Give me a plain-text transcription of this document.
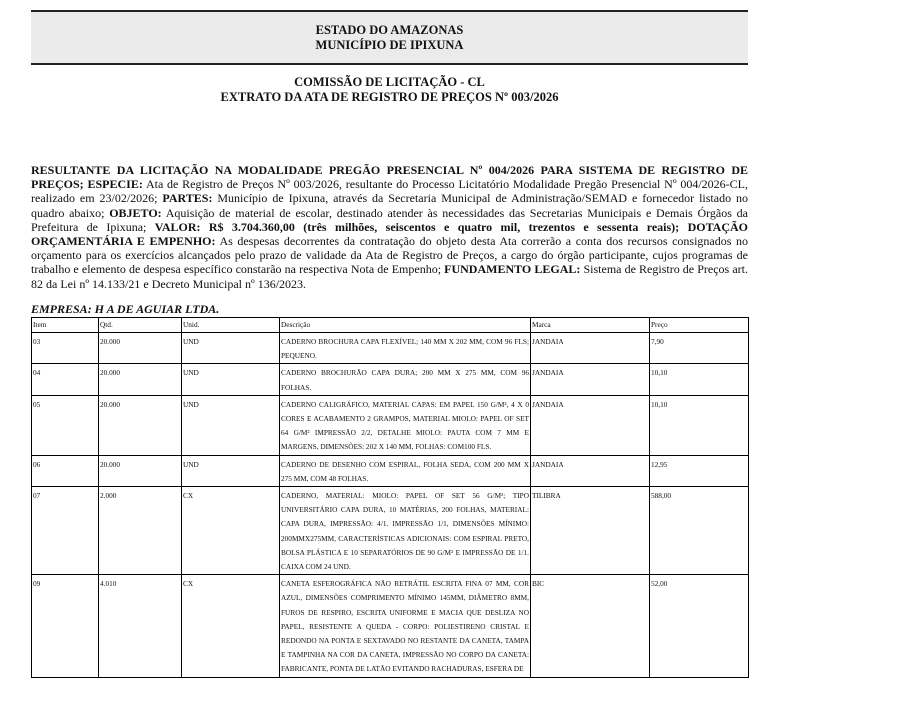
ESTADO DO AMAZONAS
MUNICÍPIO DE IPIXUNA
COMISSÃO DE LICITAÇÃO - CL
EXTRATO DA ATA DE REGISTRO DE PREÇOS Nº 003/2026
RESULTANTE DA LICITAÇÃO NA MODALIDADE PREGÃO PRESENCIAL Nº 004/2026 PARA SISTEMA DE REGISTRO DE PREÇOS; ESPECIE: Ata de Registro de Preços Nº 003/2026, resultante do Processo Licitatório Modalidade Pregão Presencial Nº 004/2026-CL, realizado em 23/02/2026; PARTES: Município de Ipixuna, através da Secretaria Municipal de Administração/SEMAD e fornecedor listado no quadro abaixo; OBJETO: Aquisição de material de escolar, destinado atender às necessidades das Secretarias Municipais e Demais Órgãos da Prefeitura de Ipixuna; VALOR: R$ 3.704.360,00 (três milhões, seiscentos e quatro mil, trezentos e sessenta reais); DOTAÇÃO ORÇAMENTÁRIA E EMPENHO: As despesas decorrentes da contratação do objeto desta Ata correrão a conta dos recursos consignados no orçamento para os exercícios alcançados pelo prazo de validade da Ata de Registro de Preços, a cargo do órgão participante, cujos programas de trabalho e elemento de despesa específico constarão na respectiva Nota de Empenho; FUNDAMENTO LEGAL: Sistema de Registro de Preços art. 82 da Lei nº 14.133/21 e Decreto Municipal nº 136/2023.
EMPRESA: H A DE AGUIAR LTDA.
Item	Qtd.	Unid.	Descrição	Marca	Preço
03	20.000	UND	CADERNO BROCHURA CAPA FLEXÍVEL; 140 MM X 202 MM, COM 96 FLS; PEQUENO.	JANDAIA	7,90
04	20.000	UND	CADERNO BROCHURÃO CAPA DURA; 200 MM X 275 MM, COM 96 FOLHAS.	JANDAIA	10,10
05	20.000	UND	CADERNO CALIGRÁFICO, MATERIAL CAPAS: EM PAPEL 150 G/M², 4 X 0 CORES E ACABAMENTO 2 GRAMPOS, MATERIAL MIOLO: PAPEL OF SET 64 G/M² IMPRESSÃO 2/2, DETALHE MIOLO: PAUTA COM 7 MM E MARGENS, DIMENSÕES: 202 X 140 MM, FOLHAS: COM100 FLS.	JANDAIA	10,10
06	20.000	UND	CADERNO DE DESENHO COM ESPIRAL, FOLHA SEDA, COM 200 MM X 275 MM, COM 48 FOLHAS.	JANDAIA	12,95
07	2.000	CX	CADERNO, MATERIAL: MIOLO: PAPEL OF SET 56 G/M²; TIPO UNIVERSITÁRIO CAPA DURA, 10 MATÉRIAS, 200 FOLHAS, MATERIAL: CAPA DURA, IMPRESSÃO: 4/1. IMPRESSÃO 1/1, DIMENSÕES MÍNIMO: 200MMX275MM, CARACTERÍSTICAS ADICIONAIS: COM ESPIRAL PRETO, BOLSA PLÁSTICA E 10 SEPARATÓRIOS DE 90 G/M² E IMPRESSÃO DE 1/1. CAIXA COM 24 UND.	TILIBRA	588,00
09	4.010	CX	CANETA ESFEROGRÁFICA NÃO RETRÁTIL ESCRITA FINA 07 MM, COR AZUL, DIMENSÕES COMPRIMENTO MÍNIMO 145MM, DIÂMETRO 8MM, FUROS DE RESPIRO, ESCRITA UNIFORME E MACIA QUE DESLIZA NO PAPEL, RESISTENTE A QUEDA - CORPO: POLIESTIRENO CRISTAL E REDONDO NA PONTA E SEXTAVADO NO RESTANTE DA CANETA, TAMPA E TAMPINHA NA COR DA CANETA, IMPRESSÃO NO CORPO DA CANETA: FABRICANTE, PONTA DE LATÃO EVITANDO RACHADURAS, ESFERA DE	BIC	52,00
